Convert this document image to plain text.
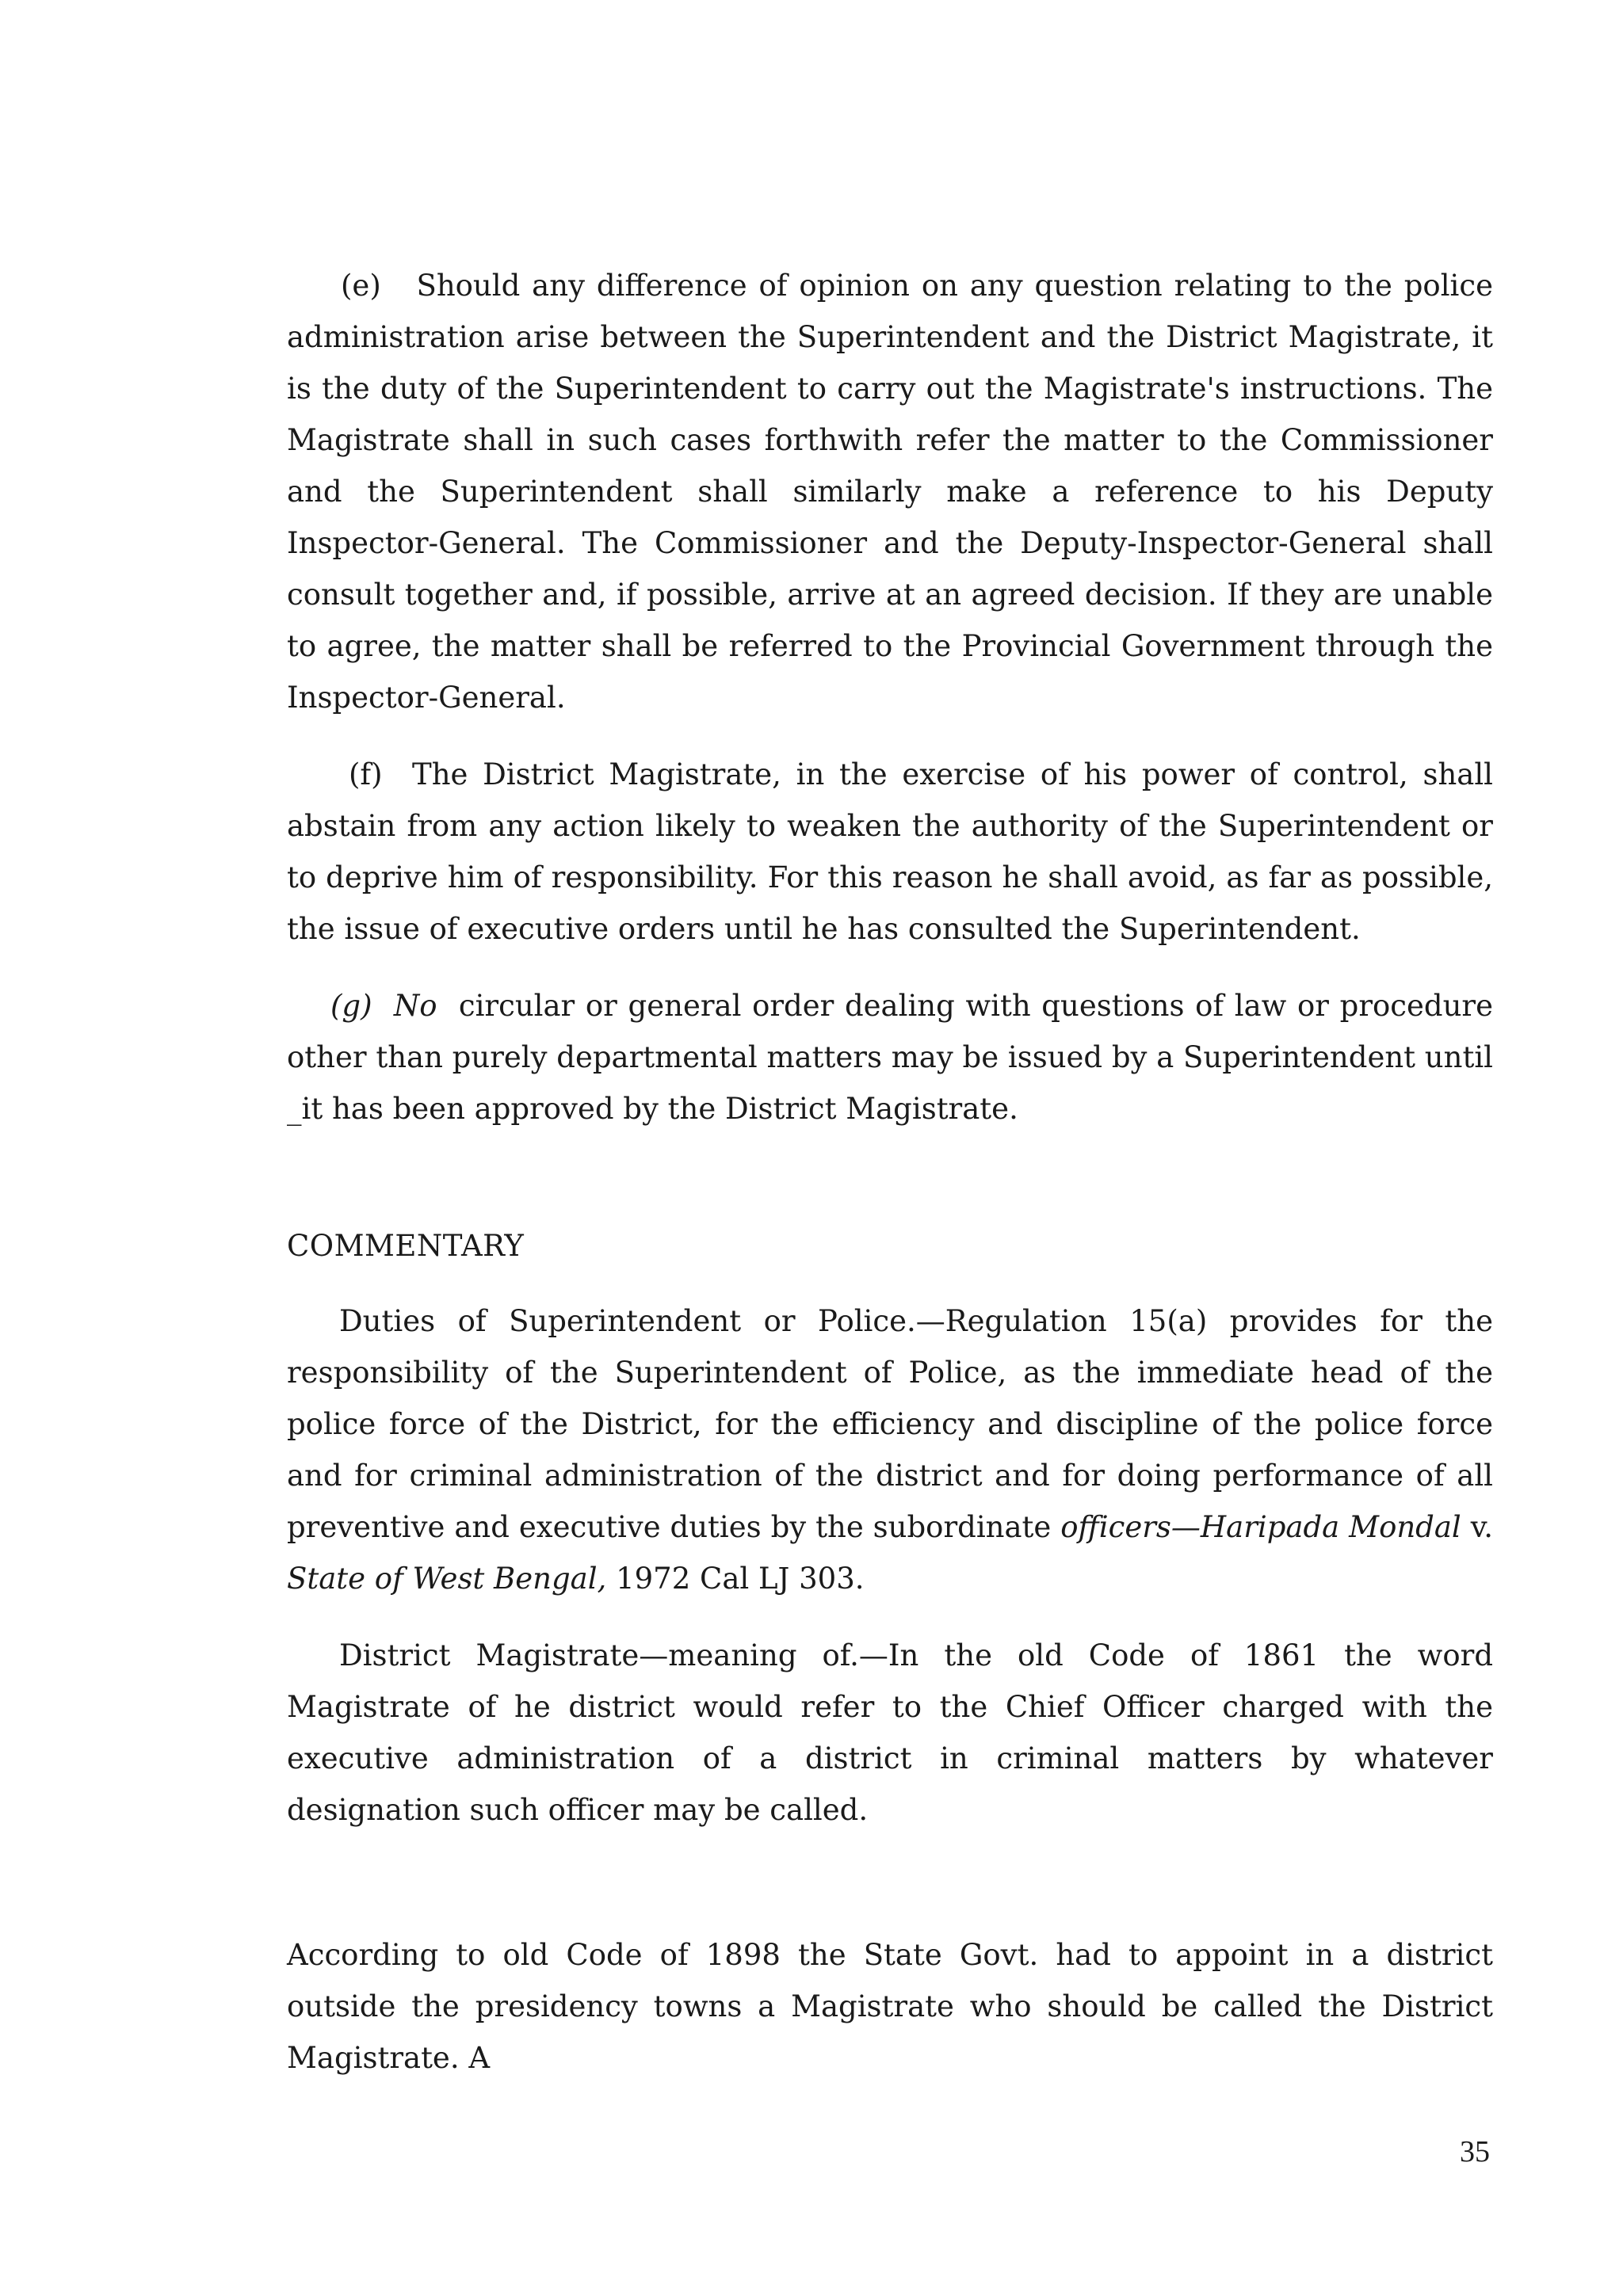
(e) Should any difference of opinion on any question relating to the police administration arise between the Superintendent and the District Magistrate, it is the duty of the Superintendent to carry out the Magistrate's instructions. The Magistrate shall in such cases forthwith refer the matter to the Commissioner and the Superintendent shall similarly make a reference to his Deputy Inspector-General. The Commissioner and the Deputy-Inspector-General shall consult together and, if possible, arrive at an agreed decision. If they are unable to agree, the matter shall be referred to the Provincial Government through the Inspector-General.

(f) The District Magistrate, in the exercise of his power of control, shall abstain from any action likely to weaken the authority of the Superintendent or to deprive him of responsibility. For this reason he shall avoid, as far as possible, the issue of executive orders until he has consulted the Superintendent.

(g) No circular or general order dealing with questions of law or procedure other than purely departmental matters may be issued by a Superintendent until _it has been approved by the District Magistrate.

COMMENTARY

Duties of Superintendent or Police.—Regulation 15(a) provides for the responsibility of the Superintendent of Police, as the immediate head of the police force of the District, for the efficiency and discipline of the police force and for criminal administration of the district and for doing performance of all preventive and executive duties by the subordinate officers—Haripada Mondal v. State of West Bengal, 1972 Cal LJ 303.

District Magistrate—meaning of.—In the old Code of 1861 the word Magistrate of he district would refer to the Chief Officer charged with the executive administration of a district in criminal matters by whatever designation such officer may be called.

According to old Code of 1898 the State Govt. had to appoint in a district outside the presidency towns a Magistrate who should be called the District Magistrate. A

35
